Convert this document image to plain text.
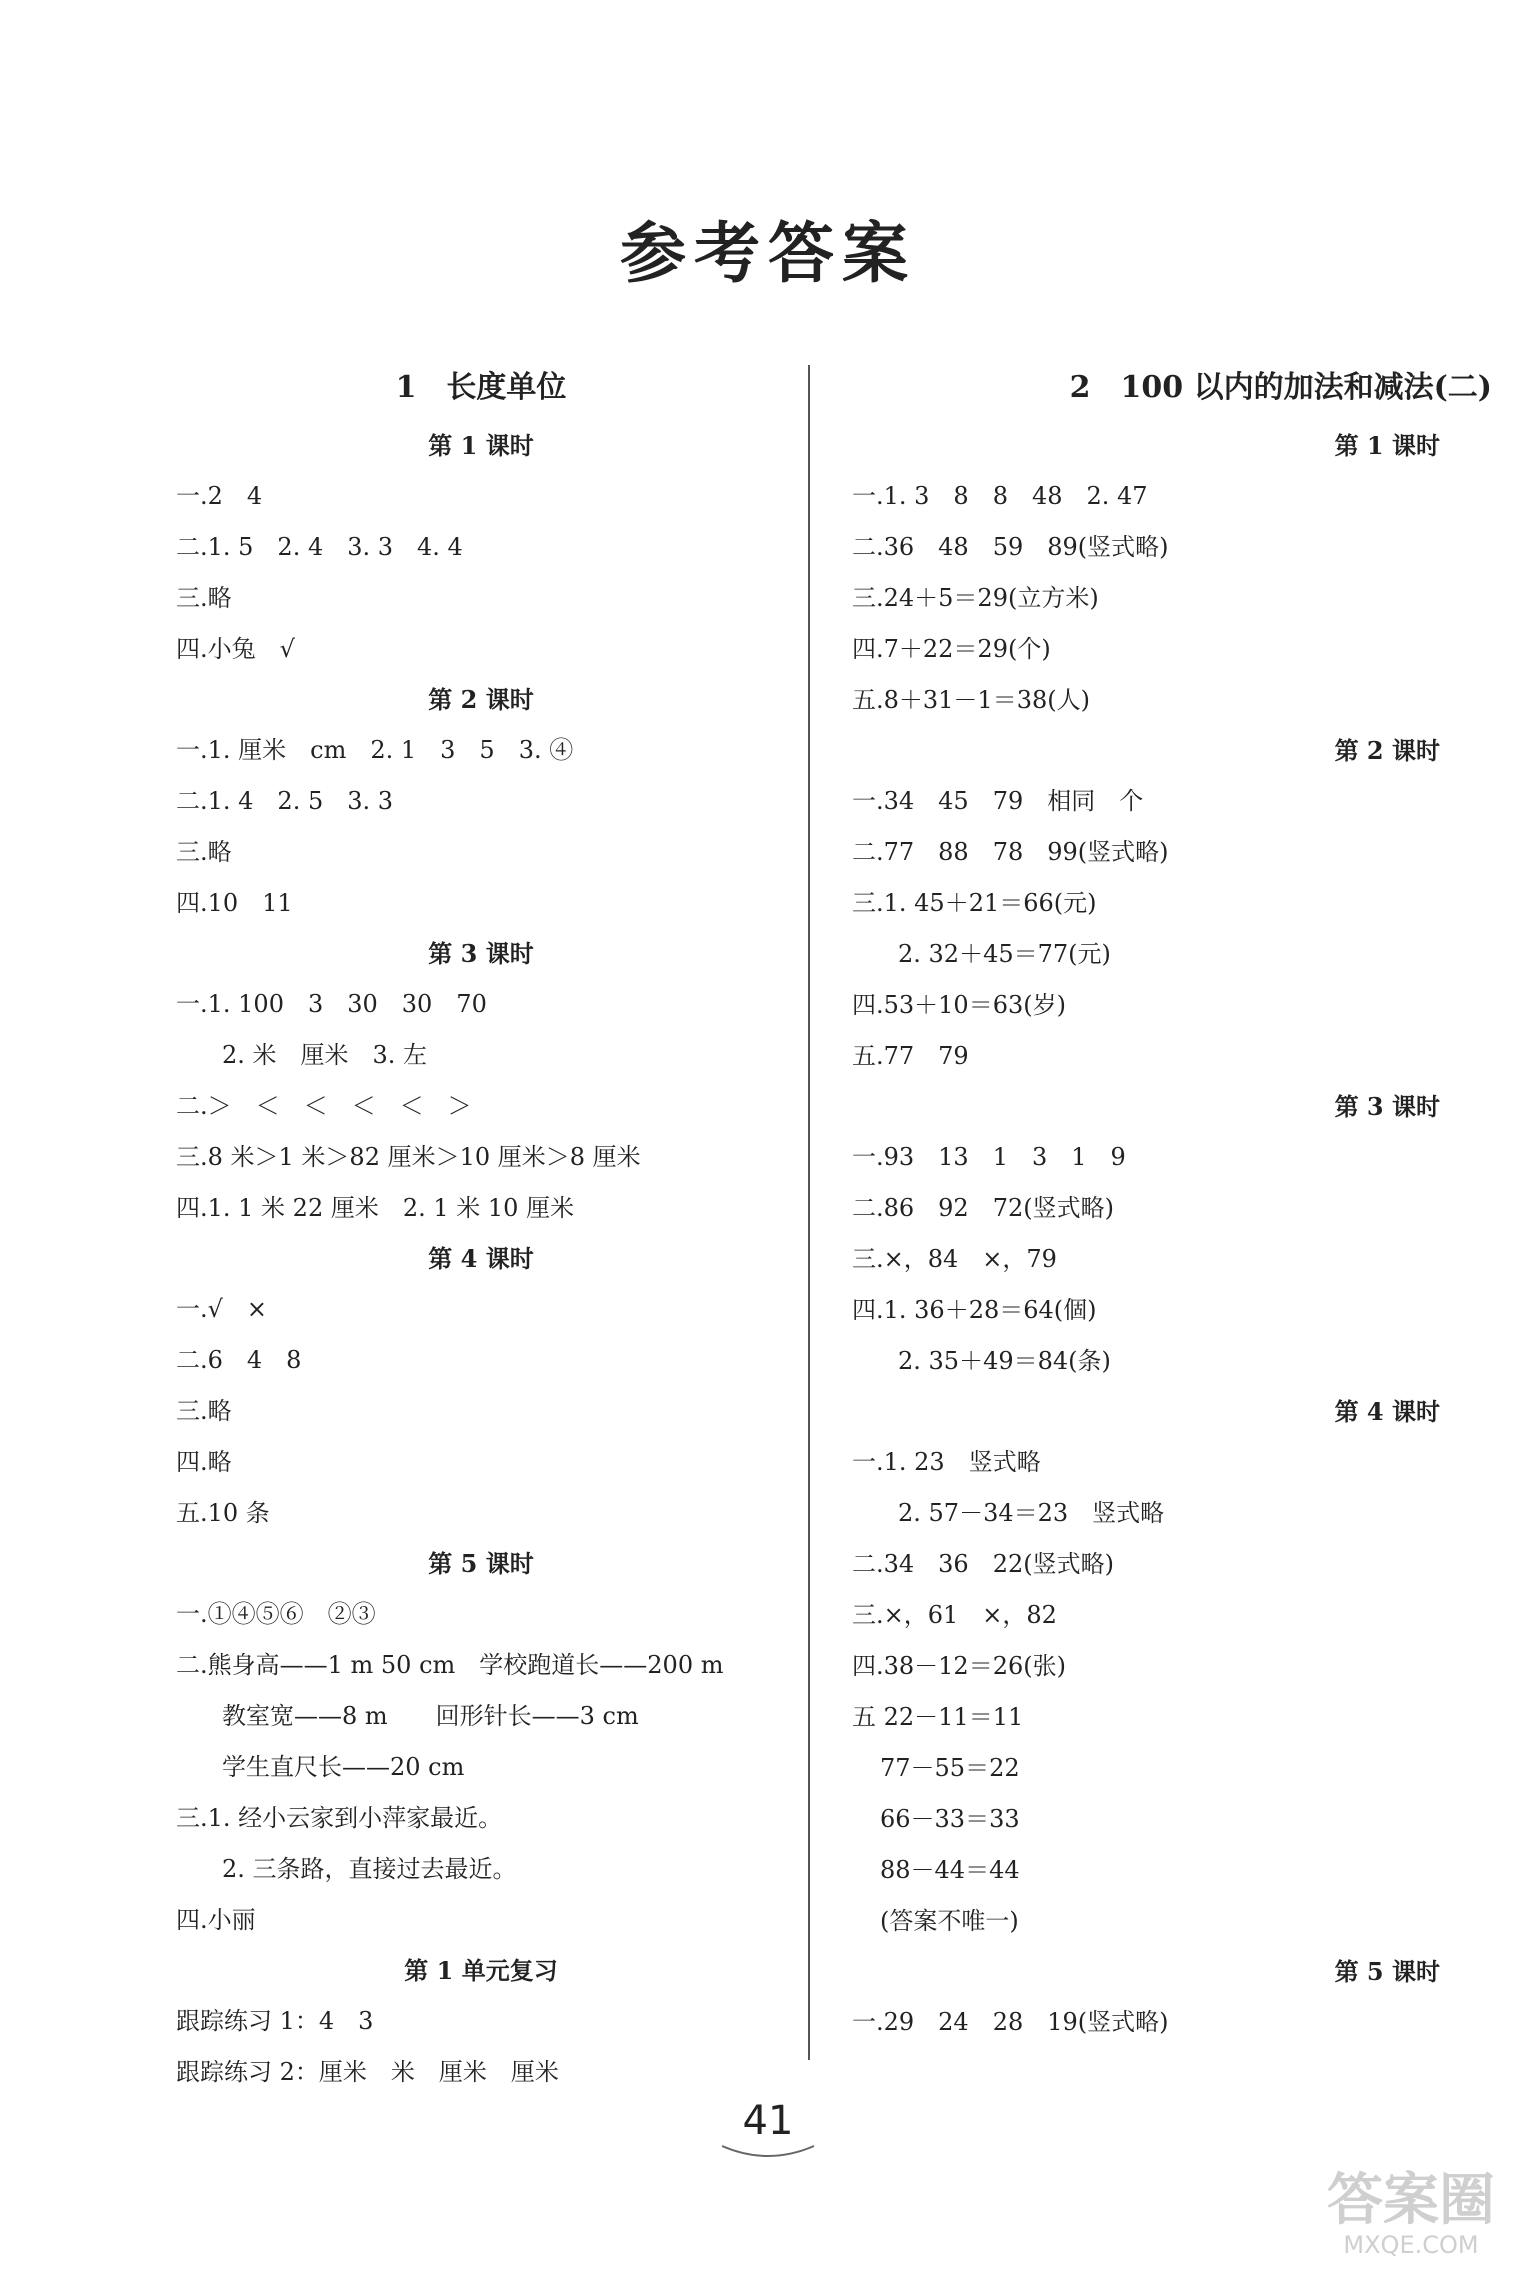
参考答案
1　长度单位
第 1 课时
一.2　4
二.1. 5　2. 4　3. 3　4. 4
三.略
四.小兔　√
第 2 课时
一.1. 厘米　cm　2. 1　3　5　3. ④
二.1. 4　2. 5　3. 3
三.略
四.10　11
第 3 课时
一.1. 100　3　30　30　70
2. 米　厘米　3. 左
二.＞　＜　＜　＜　＜　＞
三.8 米＞1 米＞82 厘米＞10 厘米＞8 厘米
四.1. 1 米 22 厘米　2. 1 米 10 厘米
第 4 课时
一.√　×
二.6　4　8
三.略
四.略
五.10 条
第 5 课时
一.①④⑤⑥　②③
二.熊身高——1 m 50 cm　学校跑道长——200 m
教室宽——8 m　　回形针长——3 cm
学生直尺长——20 cm
三.1. 经小云家到小萍家最近。
2. 三条路，直接过去最近。
四.小丽
第 1 单元复习
跟踪练习 1：4　3
跟踪练习 2：厘米　米　厘米　厘米
2　100 以内的加法和减法(二)
第 1 课时
一.1. 3　8　8　48　2. 47
二.36　48　59　89(竖式略)
三.24＋5＝29(立方米)
四.7＋22＝29(个)
五.8＋31－1＝38(人)
第 2 课时
一.34　45　79　相同　个
二.77　88　78　99(竖式略)
三.1. 45＋21＝66(元)
2. 32＋45＝77(元)
四.53＋10＝63(岁)
五.77　79
第 3 课时
一.93　13　1　3　1　9
二.86　92　72(竖式略)
三.×，84　×，79
四.1. 36＋28＝64(個)
2. 35＋49＝84(条)
第 4 课时
一.1. 23　竖式略
2. 57－34＝23　竖式略
二.34　36　22(竖式略)
三.×，61　×，82
四.38－12＝26(张)
五 22－11＝11
77－55＝22
66－33＝33
88－44＝44
(答案不唯一)
第 5 课时
一.29　24　28　19(竖式略)
41
答案圈
MXQE.COM
